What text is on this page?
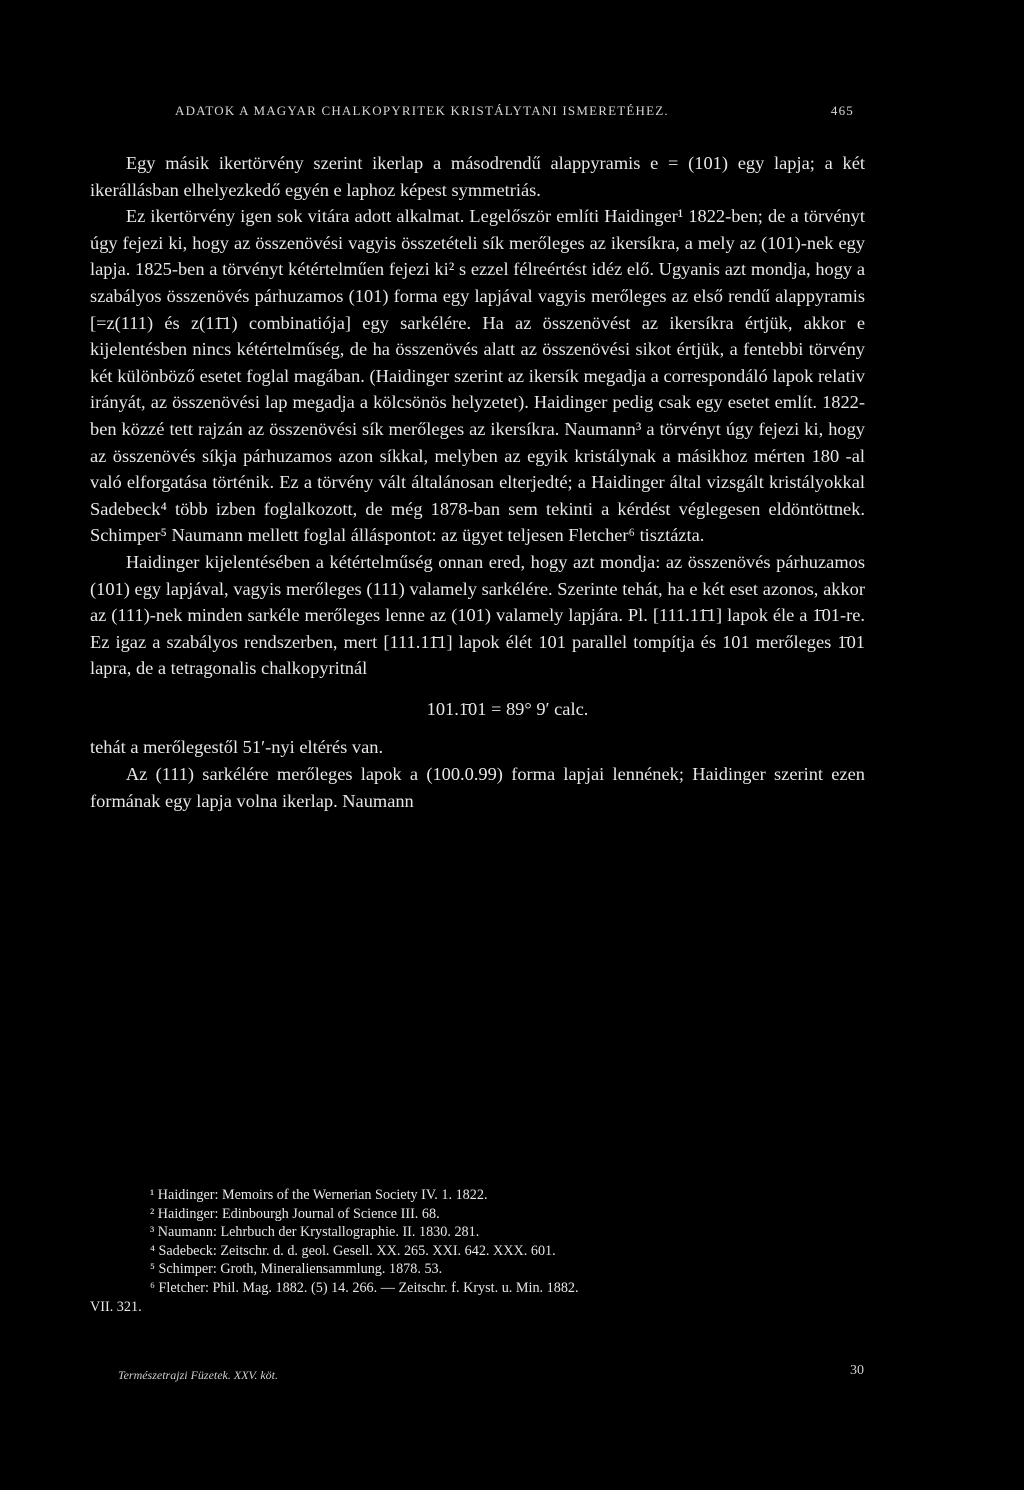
ADATOK A MAGYAR CHALKOPYRITEK KRISTÁLYTANI ISMERETÉHEZ.	465

Egy másik ikertörvény szerint ikerlap a másodrendű alappyramis e = (101) egy lapja; a két ikerállásban elhelyezkedő egyén e laphoz képest symmetriás.

Ez ikertörvény igen sok vitára adott alkalmat. Legelőször említi Haidinger¹ 1822-ben; de a törvényt úgy fejezi ki, hogy az összenövési vagyis összetételi sík merőleges az ikersíkra, a mely az (101)-nek egy lapja. 1825-ben a törvényt kétértelműen fejezi ki² s ezzel félreértést idéz elő. Ugyanis azt mondja, hogy a szabályos összenövés párhuzamos (101) forma egy lapjával vagyis merőleges az első rendű alappyramis [=z(111) és z(11̄1) combinatiója] egy sarkélére. Ha az összenövést az ikersíkra értjük, akkor e kijelentésben nincs kétértelműség, de ha összenövés alatt az összenövési sikot értjük, a fentebbi törvény két különböző esetet foglal magában. (Haidinger szerint az ikersík megadja a correspondáló lapok relativ irányát, az összenövési lap megadja a kölcsönös helyzetet). Haidinger pedig csak egy esetet említ. 1822-ben közzé tett rajzán az összenövési sík merőleges az ikersíkra. Naumann³ a törvényt úgy fejezi ki, hogy az összenövés síkja párhuzamos azon síkkal, melyben az egyik kristálynak a másikhoz mérten 180 -al való elforgatása történik. Ez a törvény vált általánosan elterjedté; a Haidinger által vizsgált kristályokkal Sadebeck⁴ több izben foglalkozott, de még 1878-ban sem tekinti a kérdést véglegesen eldöntöttnek. Schimper⁵ Naumann mellett foglal álláspontot: az ügyet teljesen Fletcher⁶ tisztázta.

Haidinger kijelentésében a kétértelműség onnan ered, hogy azt mondja: az összenövés párhuzamos (101) egy lapjával, vagyis merőleges (111) valamely sarkélére. Szerinte tehát, ha e két eset azonos, akkor az (111)-nek minden sarkéle merőleges lenne az (101) valamely lapjára. Pl. [111.11̄1] lapok éle a 1̄01-re. Ez igaz a szabályos rendszerben, mert [111.11̄1] lapok élét 101 parallel tompítja és 101 merőleges 1̄01 lapra, de a tetragonalis chalkopyritnál

101.1̄01 = 89° 9′ calc.

tehát a merőlegestől 51′-nyi eltérés van.

Az (111) sarkélére merőleges lapok a (100.0.99) forma lapjai lennének; Haidinger szerint ezen formának egy lapja volna ikerlap. Naumann

¹ Haidinger: Memoirs of the Wernerian Society IV. 1. 1822.
² Haidinger: Edinbourgh Journal of Science III. 68.
³ Naumann: Lehrbuch der Krystallographie. II. 1830. 281.
⁴ Sadebeck: Zeitschr. d. d. geol. Gesell. XX. 265. XXI. 642. XXX. 601.
⁵ Schimper: Groth, Mineraliensammlung. 1878. 53.
⁶ Fletcher: Phil. Mag. 1882. (5) 14. 266. — Zeitschr. f. Kryst. u. Min. 1882.
VII. 321.
Természetrajzi Füzetek. XXV. köt.	30
